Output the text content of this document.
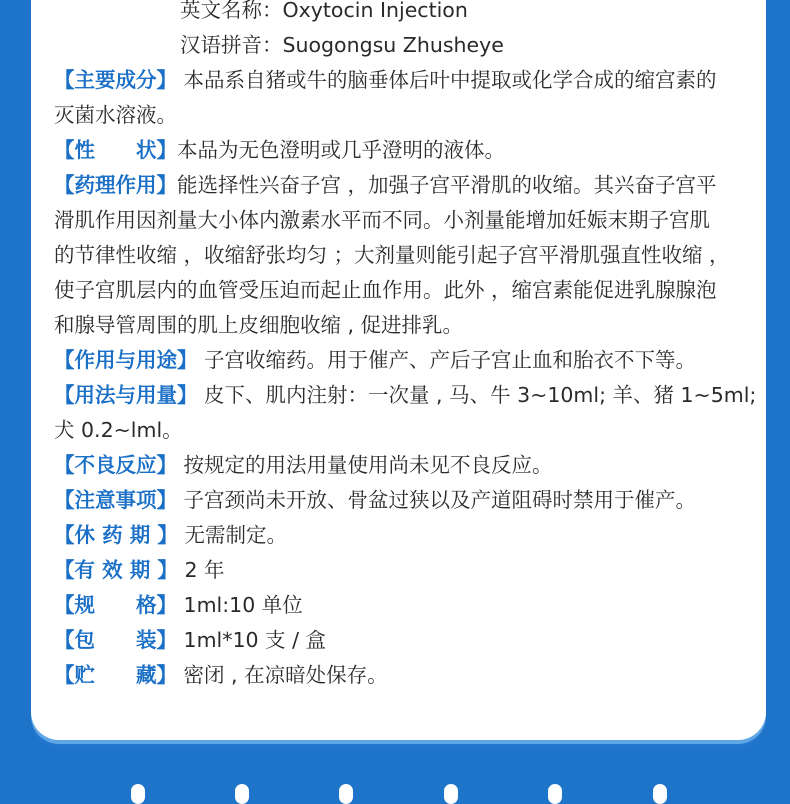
英文名称：Oxytocin Injection
汉语拼音：Suogongsu Zhusheye
【主要成分】 本品系自猪或牛的脑垂体后叶中提取或化学合成的缩宫素的
灭菌水溶液。
【性　　状】本品为无色澄明或几乎澄明的液体。
【药理作用】能选择性兴奋子宫 ，加强子宫平滑肌的收缩。其兴奋子宫平
滑肌作用因剂量大小体内激素水平而不同。小剂量能增加妊娠末期子宫肌
的节律性收缩 ，收缩舒张均匀 ；大剂量则能引起子宫平滑肌强直性收缩 ，
使子宫肌层内的血管受压迫而起止血作用。此外 ，缩宫素能促进乳腺腺泡
和腺导管周围的肌上皮细胞收缩 , 促进排乳。
【作用与用途】 子宫收缩药。用于催产、产后子宫止血和胎衣不下等。
【用法与用量】 皮下、肌内注射：一次量 , 马、牛 3~10ml; 羊、猪 1~5ml;
犬 0.2~lml。
【不良反应】 按规定的用法用量使用尚未见不良反应。
【注意事项】 子宫颈尚未开放、骨盆过狭以及产道阻碍时禁用于催产。
【休 药 期 】 无需制定。
【有 效 期 】 2 年
【规　　格】 1ml:10 单位
【包　　装】 1ml*10 支 / 盒
【贮　　藏】 密闭 , 在凉暗处保存。
